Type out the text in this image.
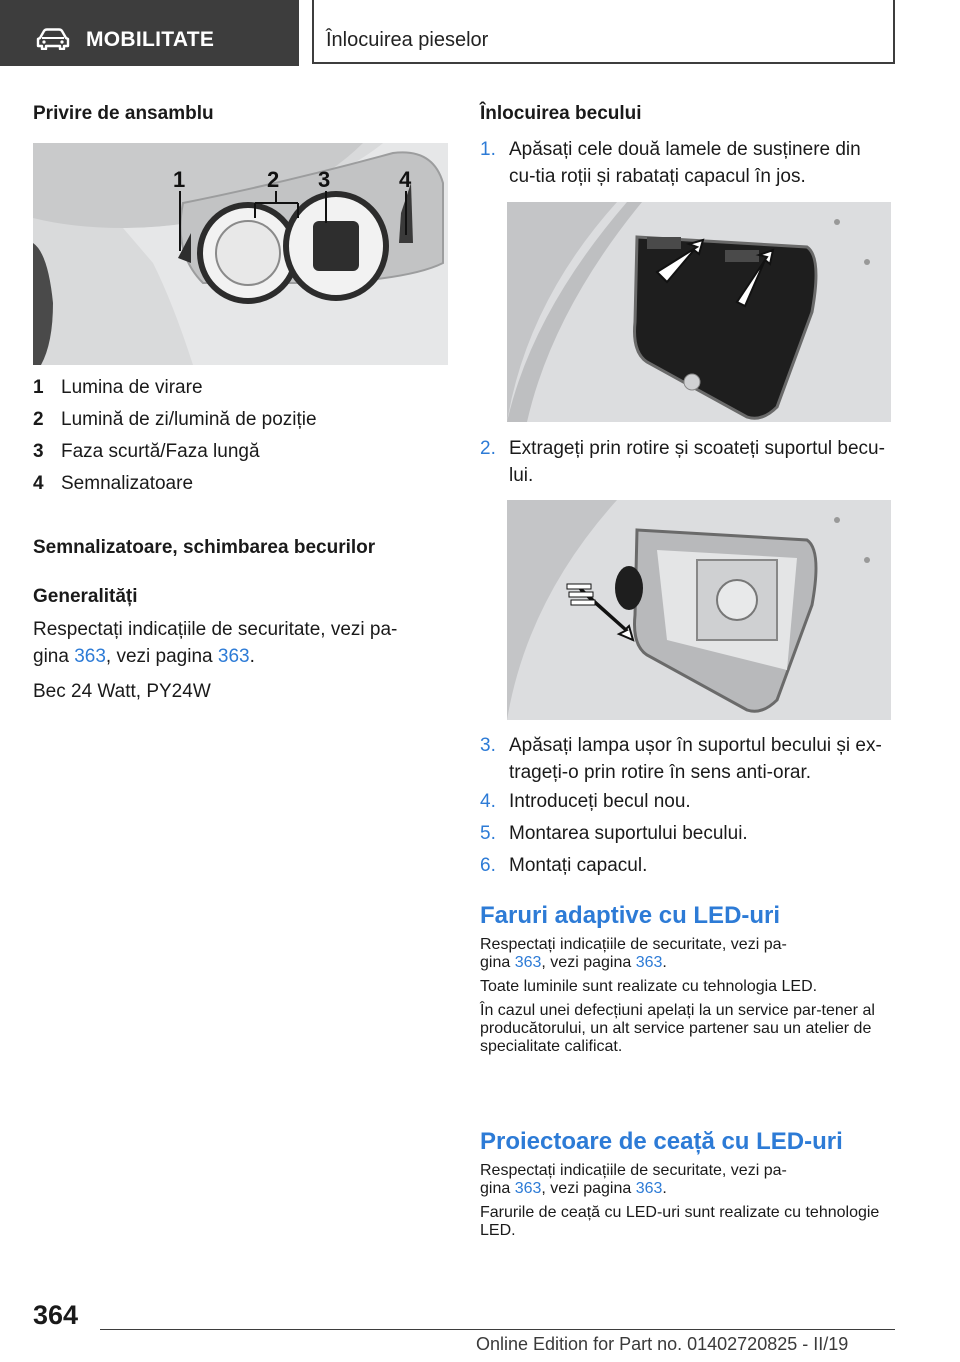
MOBILITATE	Înlocuirea pieselor

Privire de ansamblu

1	2 3	4
1 Lumina de virare
2 Lumină de zi/lumină de poziție
3 Faza scurtă/Faza lungă
4 Semnalizatoare

Semnalizatoare, schimbarea becurilor

Generalități

Respectați indicațiile de securitate, vezi pa-
gina 363, vezi pagina 363.

Bec 24 Watt, PY24W

Înlocuirea becului

1. Apăsați cele două lamele de susținere din cu-tia roții și rabatați capacul în jos.
2. Extrageți prin rotire și scoateți suportul becu-lui.
3. Apăsați lampa ușor în suportul becului și ex-trageți-o prin rotire în sens anti-orar.
4. Introduceți becul nou.
5. Montarea suportului becului.
6. Montați capacul.

Faruri adaptive cu LED-uri

Respectați indicațiile de securitate, vezi pa-
gina 363, vezi pagina 363.

Toate luminile sunt realizate cu tehnologia LED.

În cazul unei defecțiuni apelați la un service par-tener al producătorului, un alt service partener sau un atelier de specialitate calificat.

Proiectoare de ceață cu LED-uri

Respectați indicațiile de securitate, vezi pa-
gina 363, vezi pagina 363.

Farurile de ceață cu LED-uri sunt realizate cu tehnologie LED.

364
Online Edition for Part no. 01402720825 - II/19
